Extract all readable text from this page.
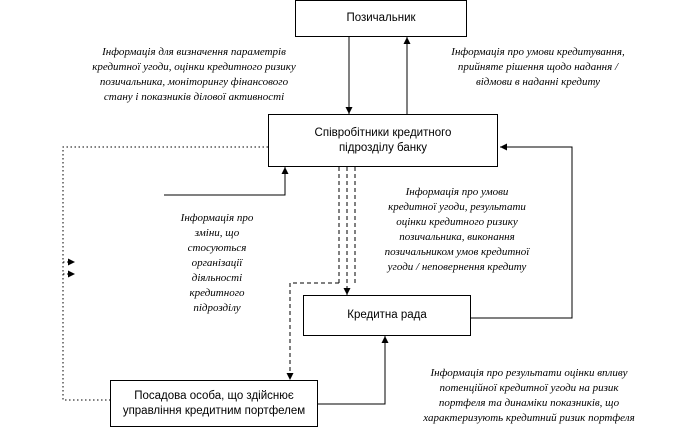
Позичальник
Співробітники кредитного
підрозділу банку
Кредитна рада
Посадова особа, що здійснює
управління кредитним портфелем
Інформація для визначення параметрів
кредитної угоди, оцінки кредитного ризику
позичальника, моніторингу фінансового
стану і показників ділової активності
Інформація про умови кредитування,
прийняте рішення щодо надання /
відмови в наданні кредиту
Інформація про
зміни, що
стосуються
організації
діяльності
кредитного
підрозділу
Інформація про умови
кредитної угоди, результати
оцінки кредитного ризику
позичальника, виконання
позичальником умов кредитної
угоди / неповернення кредиту
Інформація про результати оцінки впливу
потенційної кредитної угоди на ризик
портфеля та динаміки показників, що
характеризують кредитний ризик портфеля
